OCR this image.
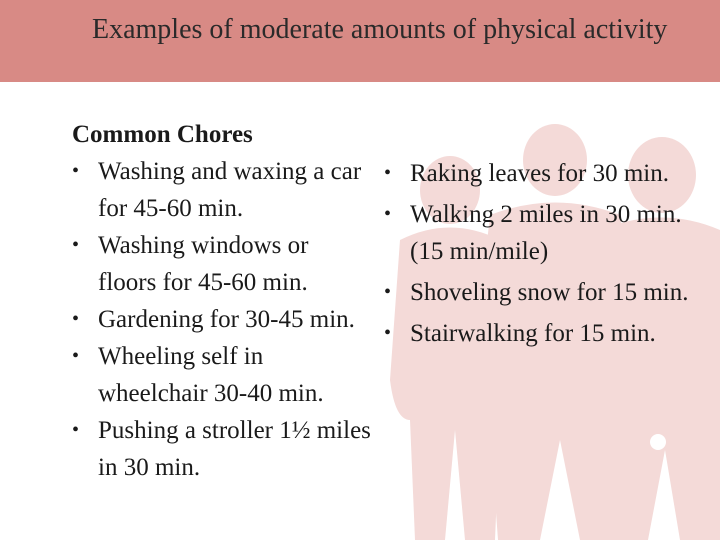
Examples of moderate amounts of physical activity
Common Chores
• Washing and waxing a car for 45-60 min.
• Washing windows or floors for 45-60 min.
• Gardening for 30-45 min.
• Wheeling self in wheelchair 30-40 min.
• Pushing a stroller 1½ miles in 30 min.
• Raking leaves for 30 min.
• Walking 2 miles in 30 min. (15 min/mile)
• Shoveling snow for 15 min.
• Stairwalking for 15 min.
